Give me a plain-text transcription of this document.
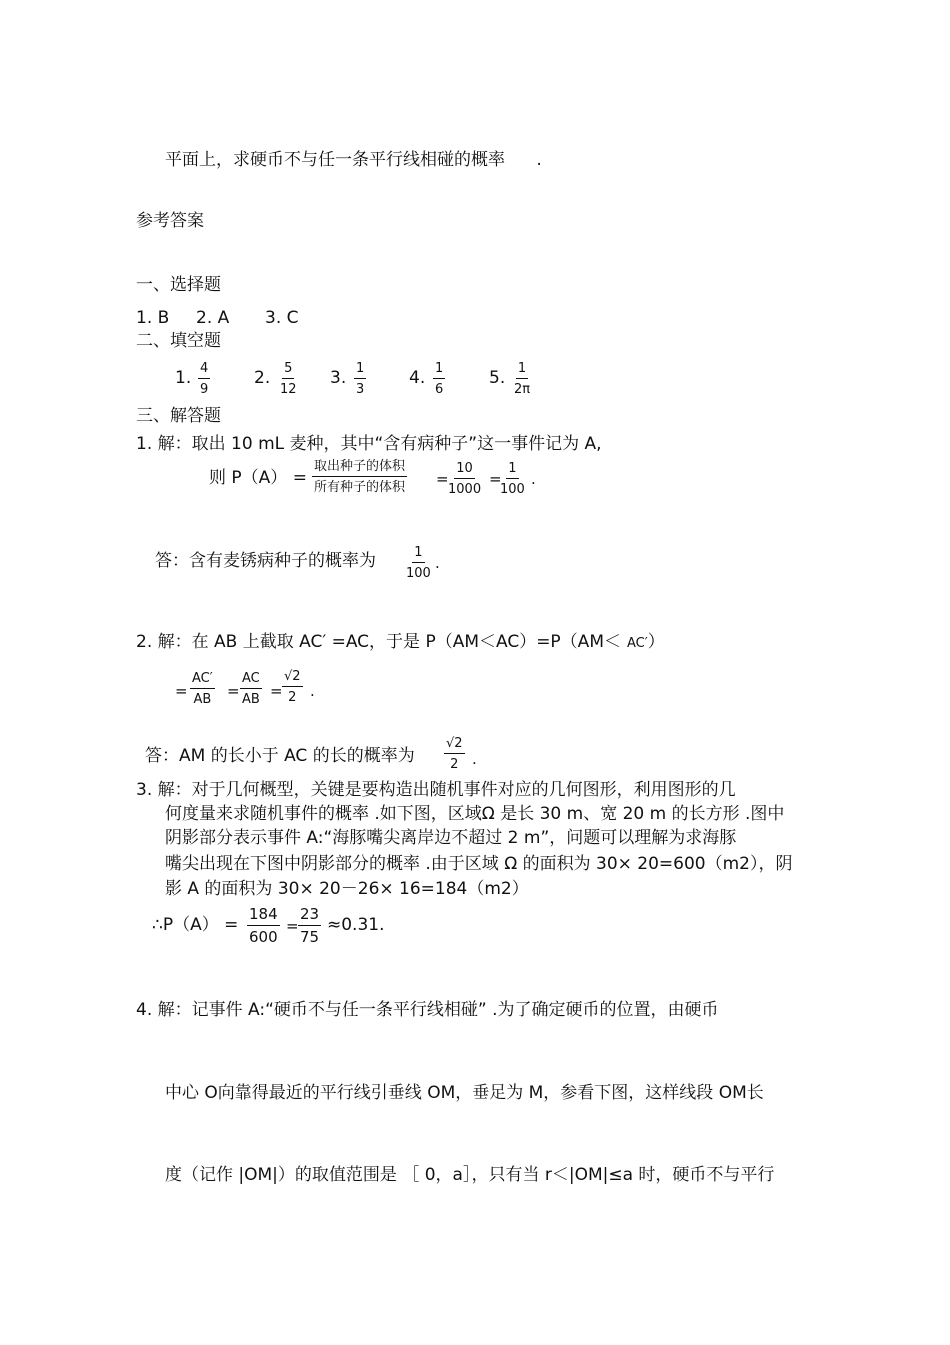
平面上，求硬币不与任一条平行线相碰的概率 .
参考答案
一、选择题
1. B 2. A 3. C
二、填空题
1. $\frac{4}{9}$	2. $\frac{5}{12} 3$. $\frac{1}{3}$	4. $\frac{1}{6}$	5. $\frac{1}{2\pi}$
三、解答题
1. 解：取出 10 mL 麦种，其中“含有病种子”这一事件记为 A,
则 P（A） =
取出种子的体积
所有种子的体积 = $\frac{10}{1000}$ =
$\frac{1}{100}$ .
答：含有麦锈病种子的概率为 $\frac{1}{100}$ .
2. 解：在 AB 上截取 AC′ =AC，于是 P（AM＜AC）=P（AM＜ AC′）
= $\frac{AC'}{AB} = \frac{AC}{AB} = \frac{√2}{2}$ .
答：AM 的长小于 AC 的长的概率为 $\frac{√2}{2}$ .
3. 解：对于几何概型，关键是要构造出随机事件对应的几何图形，利用图形的几
何度量来求随机事件的概率 .如下图，区域Ω 是长 30 m、宽 20 m 的长方形 .图中
阴影部分表示事件 A:“海豚嘴尖离岸边不超过 2 m”，问题可以理解为求海豚
嘴尖出现在下图中阴影部分的概率 .由于区域 Ω 的面积为 30× 20=600（m2），阴
影 A 的面积为 30× 20－26× 16=184（m2）
∴P（A） = $\frac{184}{600} = \frac{23}{75} \approx 0.31$.
4. 解：记事件 A:“硬币不与任一条平行线相碰” .为了确定硬币的位置，由硬币
中心 O向靠得最近的平行线引垂线 OM，垂足为 M，参看下图，这样线段 OM长
度（记作 |OM|）的取值范围是 ［ 0，a］，只有当 r＜|OM|≤a 时，硬币不与平行
